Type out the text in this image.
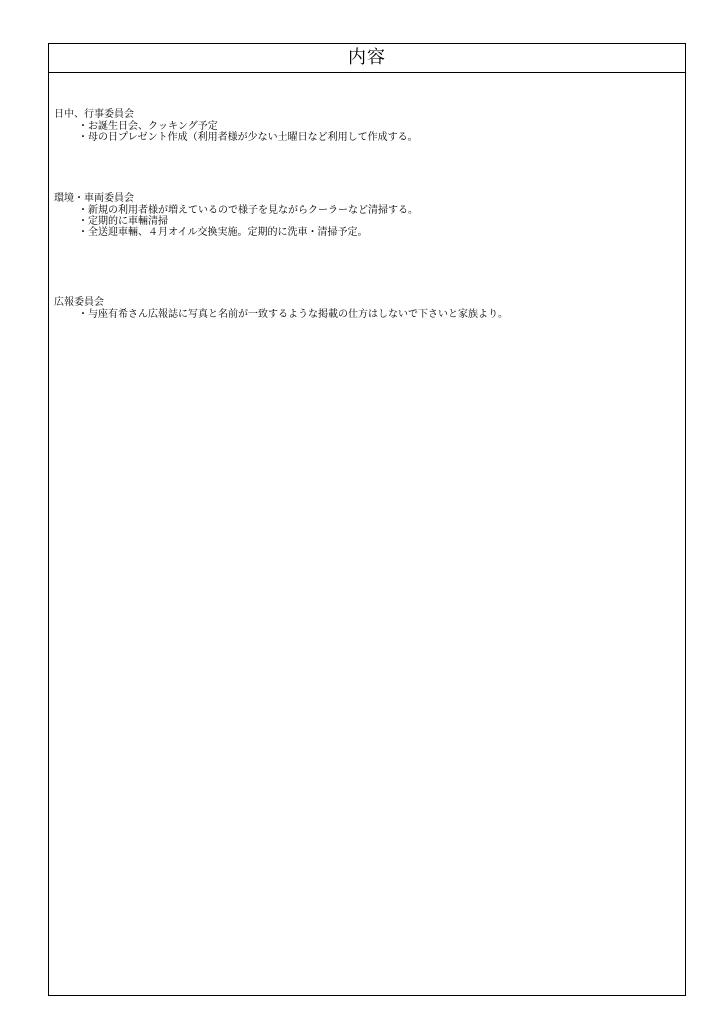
内容
日中、行事委員会
・お誕生日会、クッキング予定
・母の日プレゼント作成（利用者様が少ない土曜日など利用して作成する。
環境・車両委員会
・新規の利用者様が増えているので様子を見ながらクーラーなど清掃する。
・定期的に車輛清掃
・全送迎車輛、４月オイル交換実施。定期的に洗車・清掃予定。
広報委員会
・与座有希さん広報誌に写真と名前が一致するような掲載の仕方はしないで下さいと家族より。
